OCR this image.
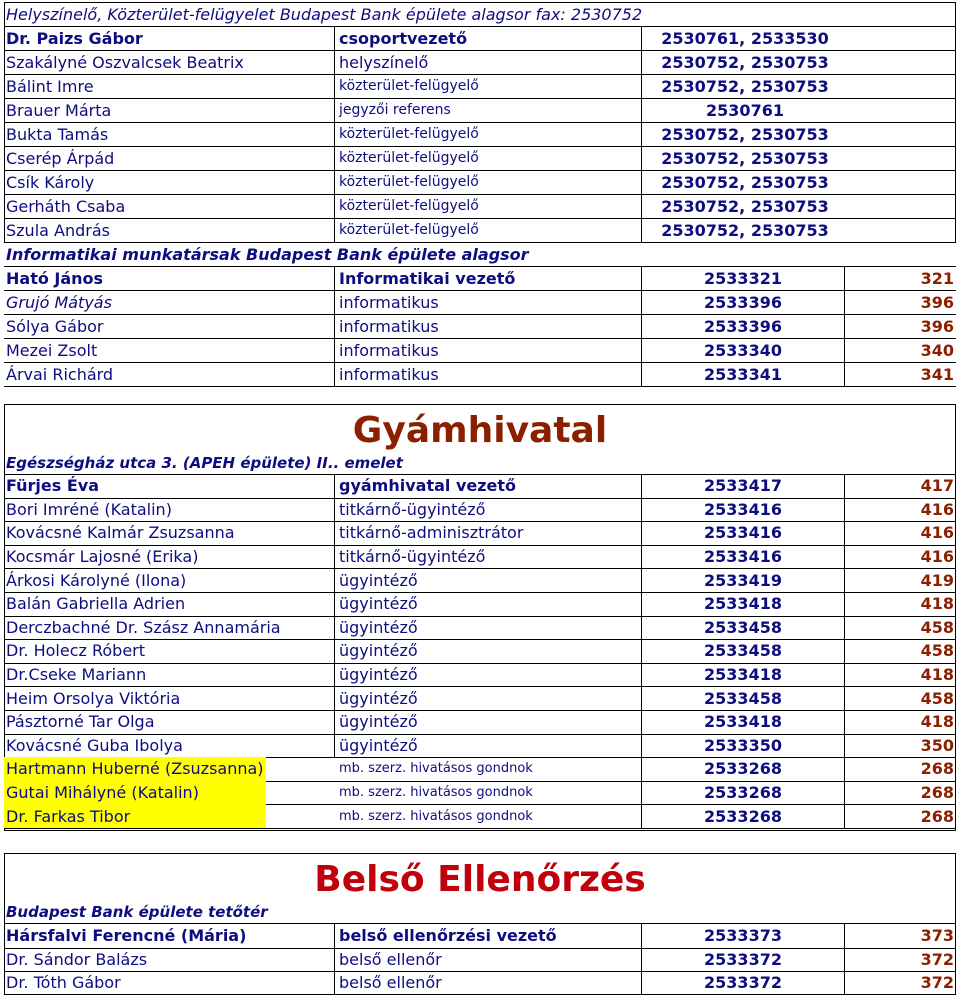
Helyszínelő, Közterület-felügyelet Budapest Bank épülete alagsor fax: 2530752
Dr. Paizs Gábor	csoportvezető	2530761, 2533530
Szakályné Oszvalcsek Beatrix	helyszínelő	2530752, 2530753
Bálint Imre	közterület-felügyelő	2530752, 2530753
Brauer Márta	jegyzői referens	2530761
Bukta Tamás	közterület-felügyelő	2530752, 2530753
Cserép Árpád	közterület-felügyelő	2530752, 2530753
Csík Károly	közterület-felügyelő	2530752, 2530753
Gerháth Csaba	közterület-felügyelő	2530752, 2530753
Szula András	közterület-felügyelő	2530752, 2530753
Informatikai munkatársak Budapest Bank épülete alagsor
Ható János	Informatikai vezető	2533321	321
Grujó Mátyás	informatikus	2533396	396
Sólya Gábor	informatikus	2533396	396
Mezei Zsolt	informatikus	2533340	340
Árvai Richárd	informatikus	2533341	341
Gyámhivatal
Egészségház utca 3. (APEH épülete) II.. emelet
Fürjes Éva	gyámhivatal vezető	2533417	417
Bori Imréné (Katalin)	titkárnő-ügyintéző	2533416	416
Kovácsné Kalmár Zsuzsanna	titkárnő-adminisztrátor	2533416	416
Kocsmár Lajosné (Erika)	titkárnő-ügyintéző	2533416	416
Árkosi Károlyné (Ilona)	ügyintéző	2533419	419
Balán Gabriella Adrien	ügyintéző	2533418	418
Derczbachné Dr. Szász Annamária	ügyintéző	2533458	458
Dr. Holecz Róbert	ügyintéző	2533458	458
Dr.Cseke Mariann	ügyintéző	2533418	418
Heim Orsolya Viktória	ügyintéző	2533458	458
Pásztorné Tar Olga	ügyintéző	2533418	418
Kovácsné Guba Ibolya	ügyintéző	2533350	350
Hartmann Huberné (Zsuzsanna)	mb. szerz. hivatásos gondnok	2533268	268
Gutai Mihályné (Katalin)	mb. szerz. hivatásos gondnok	2533268	268
Dr. Farkas Tibor	mb. szerz. hivatásos gondnok	2533268	268
Belső Ellenőrzés
Budapest Bank épülete tetőtér
Hársfalvi Ferencné (Mária)	belső ellenőrzési vezető	2533373	373
Dr. Sándor Balázs	belső ellenőr	2533372	372
Dr. Tóth Gábor	belső ellenőr	2533372	372
